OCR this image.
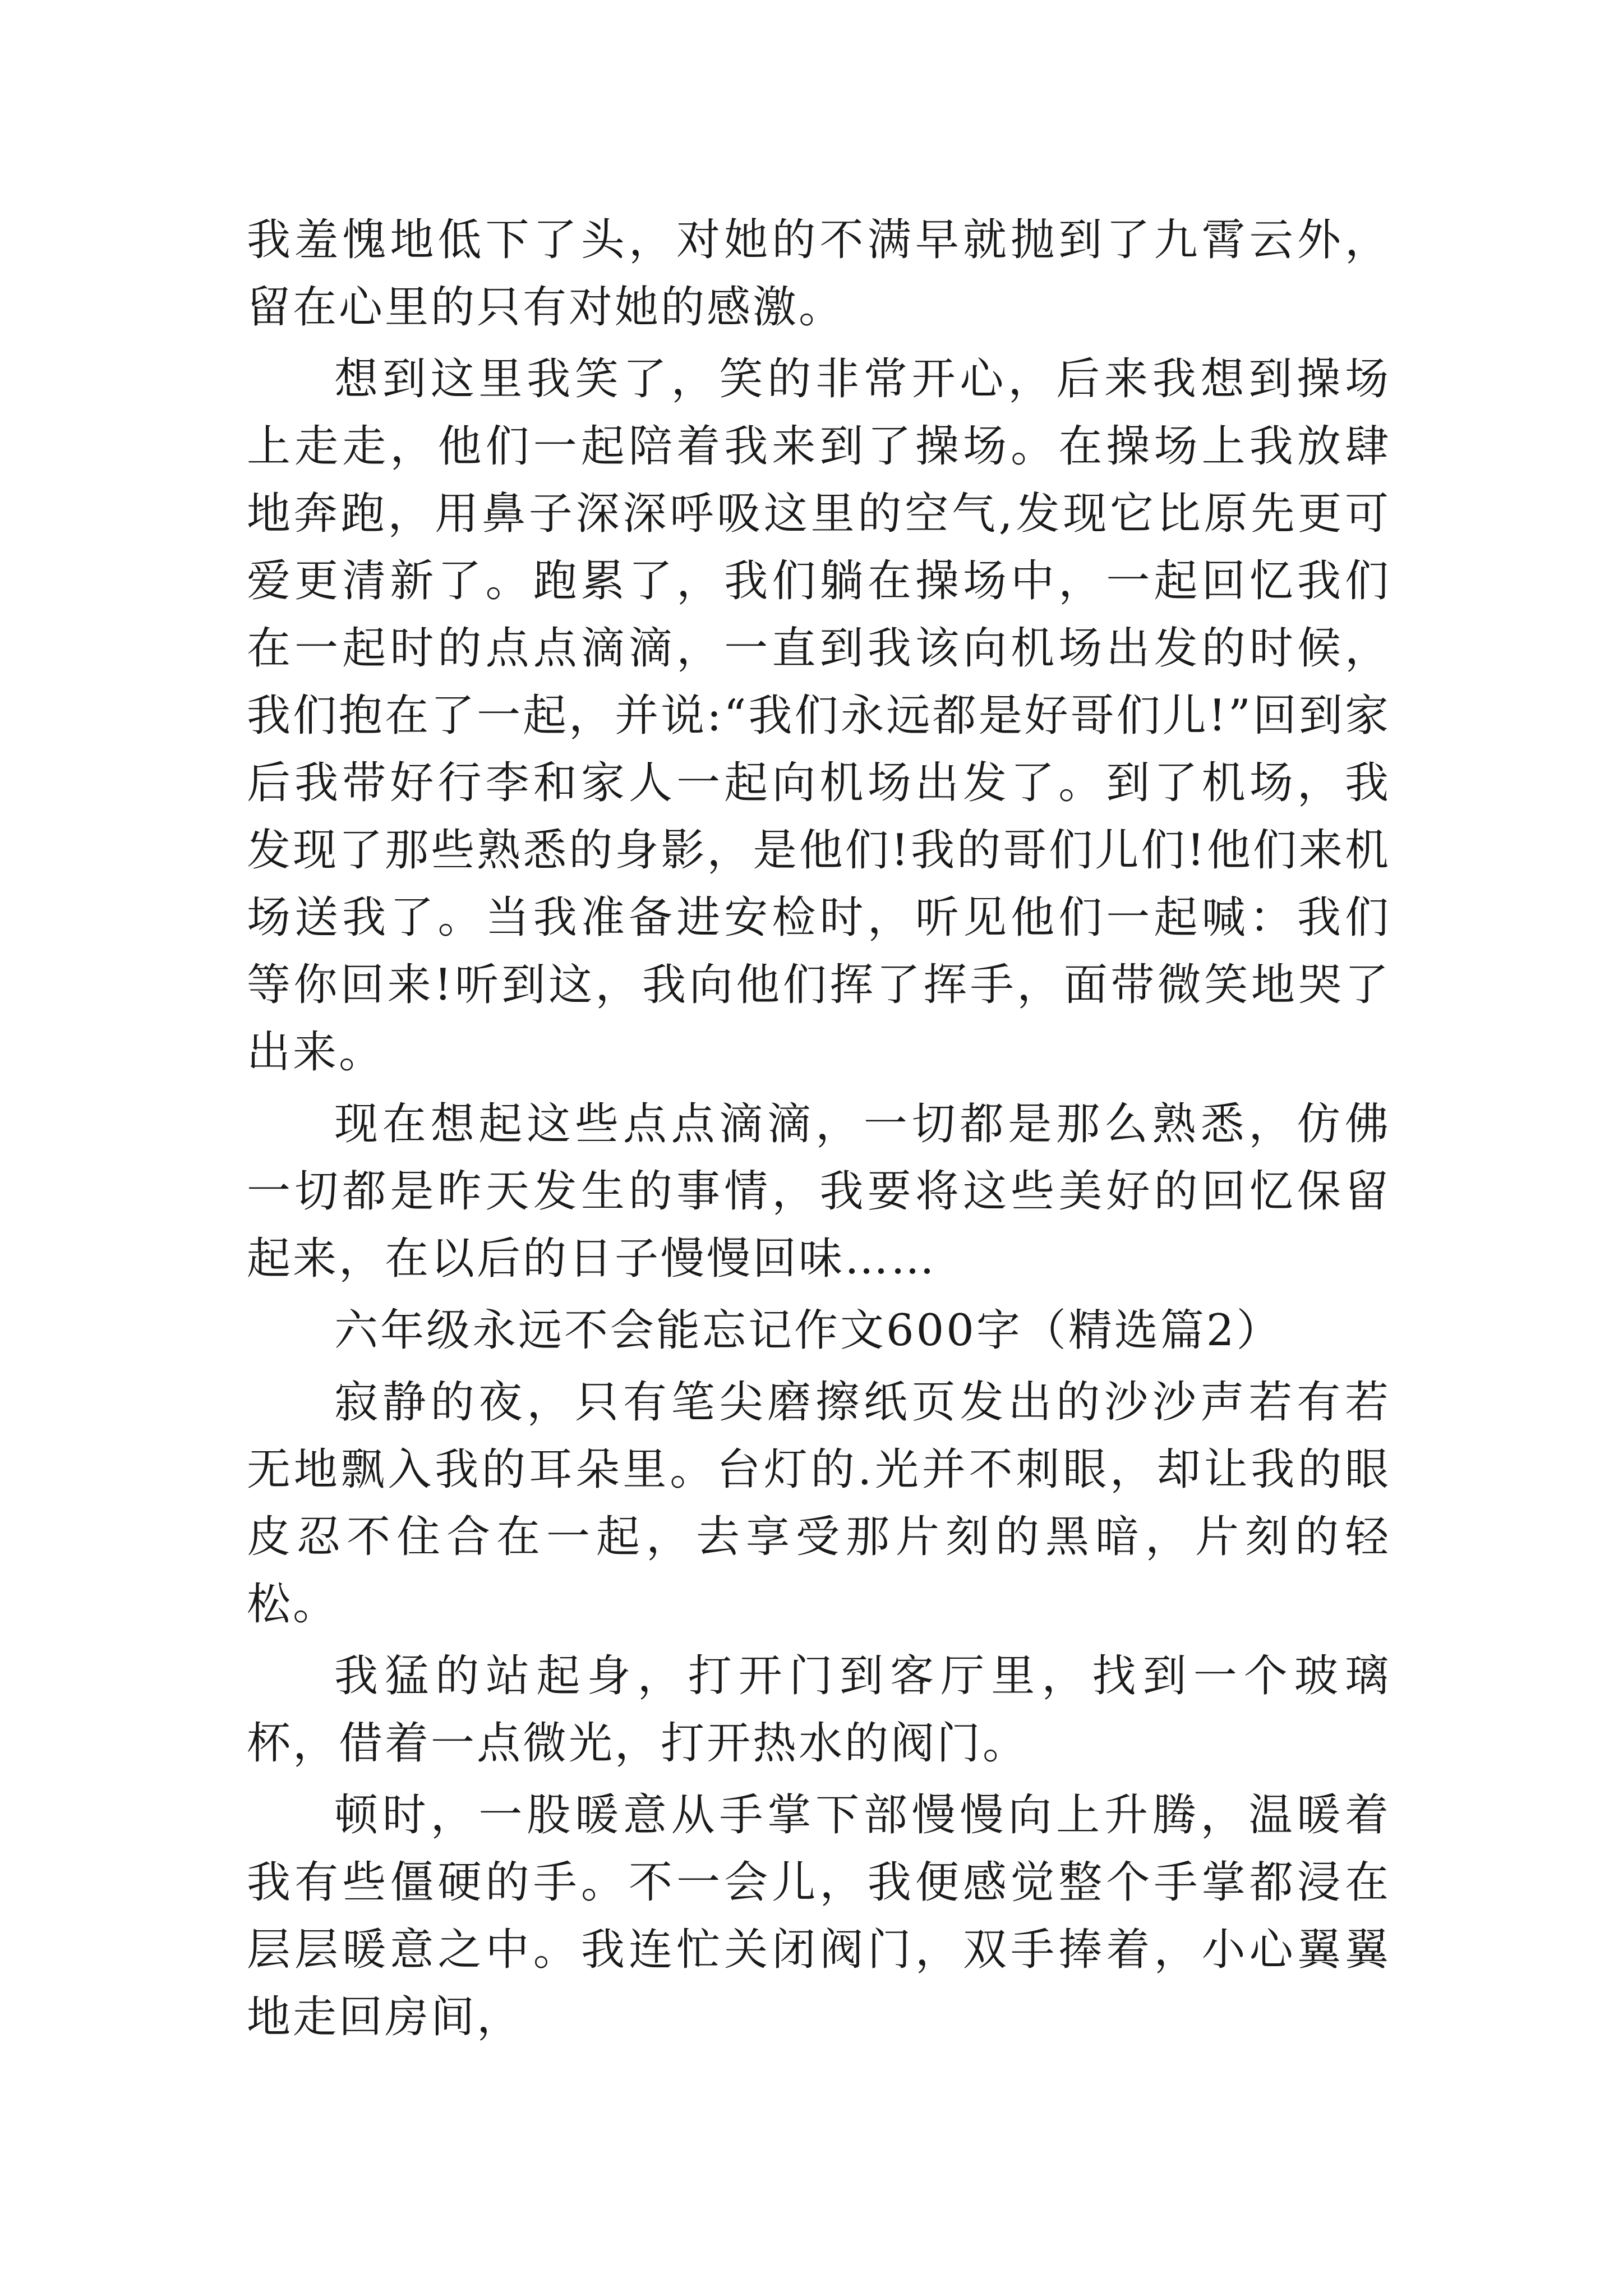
我羞愧地低下了头，对她的不满早就抛到了九霄云外，留在心里的只有对她的感激。

想到这里我笑了，笑的非常开心，后来我想到操场上走走，他们一起陪着我来到了操场。在操场上我放肆地奔跑，用鼻子深深呼吸这里的空气,发现它比原先更可爱更清新了。跑累了，我们躺在操场中，一起回忆我们在一起时的点点滴滴，一直到我该向机场出发的时候，我们抱在了一起，并说:“我们永远都是好哥们儿!”回到家后我带好行李和家人一起向机场出发了。到了机场，我发现了那些熟悉的身影，是他们!我的哥们儿们!他们来机场送我了。当我准备进安检时，听见他们一起喊：我们等你回来!听到这，我向他们挥了挥手，面带微笑地哭了出来。

现在想起这些点点滴滴，一切都是那么熟悉，仿佛一切都是昨天发生的事情，我要将这些美好的回忆保留起来，在以后的日子慢慢回味……

六年级永远不会能忘记作文600字（精选篇2）

寂静的夜，只有笔尖磨擦纸页发出的沙沙声若有若无地飘入我的耳朵里。台灯的.光并不刺眼，却让我的眼皮忍不住合在一起，去享受那片刻的黑暗，片刻的轻松。

我猛的站起身，打开门到客厅里，找到一个玻璃杯，借着一点微光，打开热水的阀门。

顿时，一股暖意从手掌下部慢慢向上升腾，温暖着我有些僵硬的手。不一会儿，我便感觉整个手掌都浸在层层暖意之中。我连忙关闭阀门，双手捧着，小心翼翼地走回房间，
